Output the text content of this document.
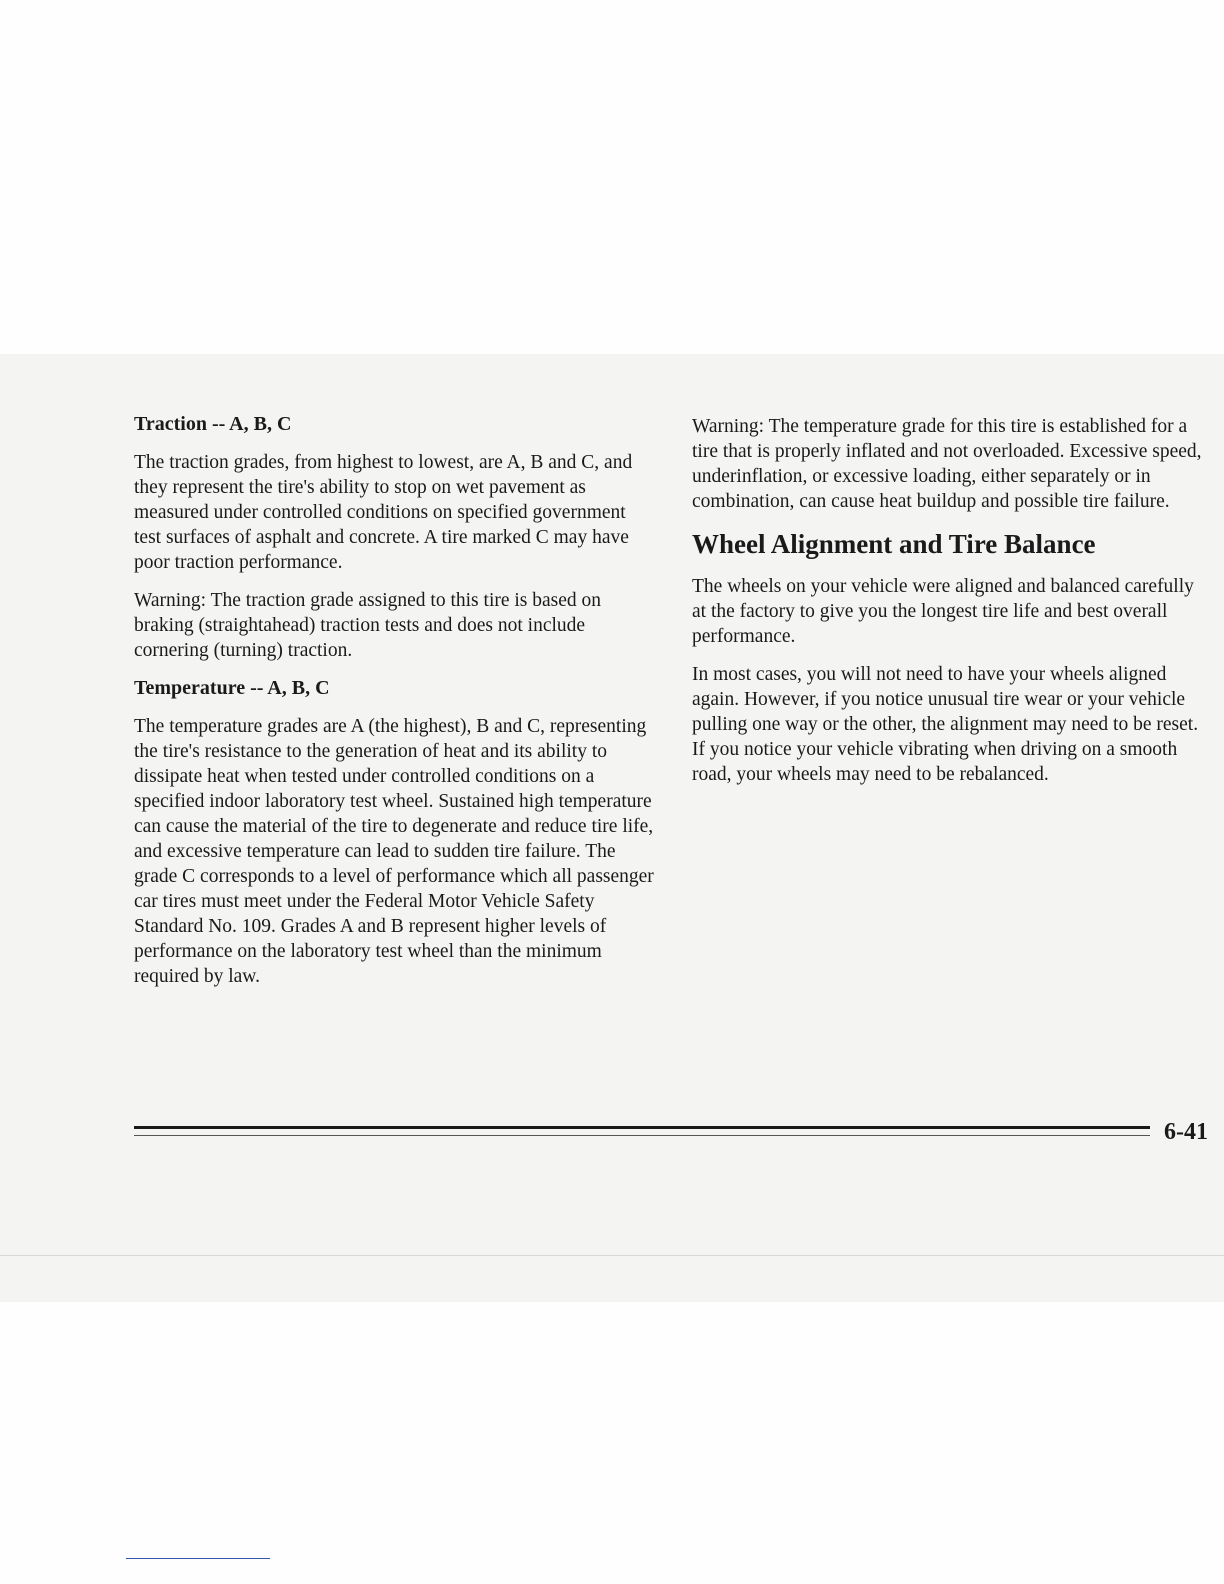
Traction -- A, B, C

The traction grades, from highest to lowest, are A, B and C, and they represent the tire's ability to stop on wet pavement as measured under controlled conditions on specified government test surfaces of asphalt and concrete. A tire marked C may have poor traction performance.

Warning: The traction grade assigned to this tire is based on braking (straightahead) traction tests and does not include cornering (turning) traction.

Temperature -- A, B, C

The temperature grades are A (the highest), B and C, representing the tire's resistance to the generation of heat and its ability to dissipate heat when tested under controlled conditions on a specified indoor laboratory test wheel. Sustained high temperature can cause the material of the tire to degenerate and reduce tire life, and excessive temperature can lead to sudden tire failure. The grade C corresponds to a level of performance which all passenger car tires must meet under the Federal Motor Vehicle Safety Standard No. 109. Grades A and B represent higher levels of performance on the laboratory test wheel than the minimum required by law.

Warning: The temperature grade for this tire is established for a tire that is properly inflated and not overloaded. Excessive speed, underinflation, or excessive loading, either separately or in combination, can cause heat buildup and possible tire failure.

Wheel Alignment and Tire Balance

The wheels on your vehicle were aligned and balanced carefully at the factory to give you the longest tire life and best overall performance.

In most cases, you will not need to have your wheels aligned again. However, if you notice unusual tire wear or your vehicle pulling one way or the other, the alignment may need to be reset. If you notice your vehicle vibrating when driving on a smooth road, your wheels may need to be rebalanced.

6-41
